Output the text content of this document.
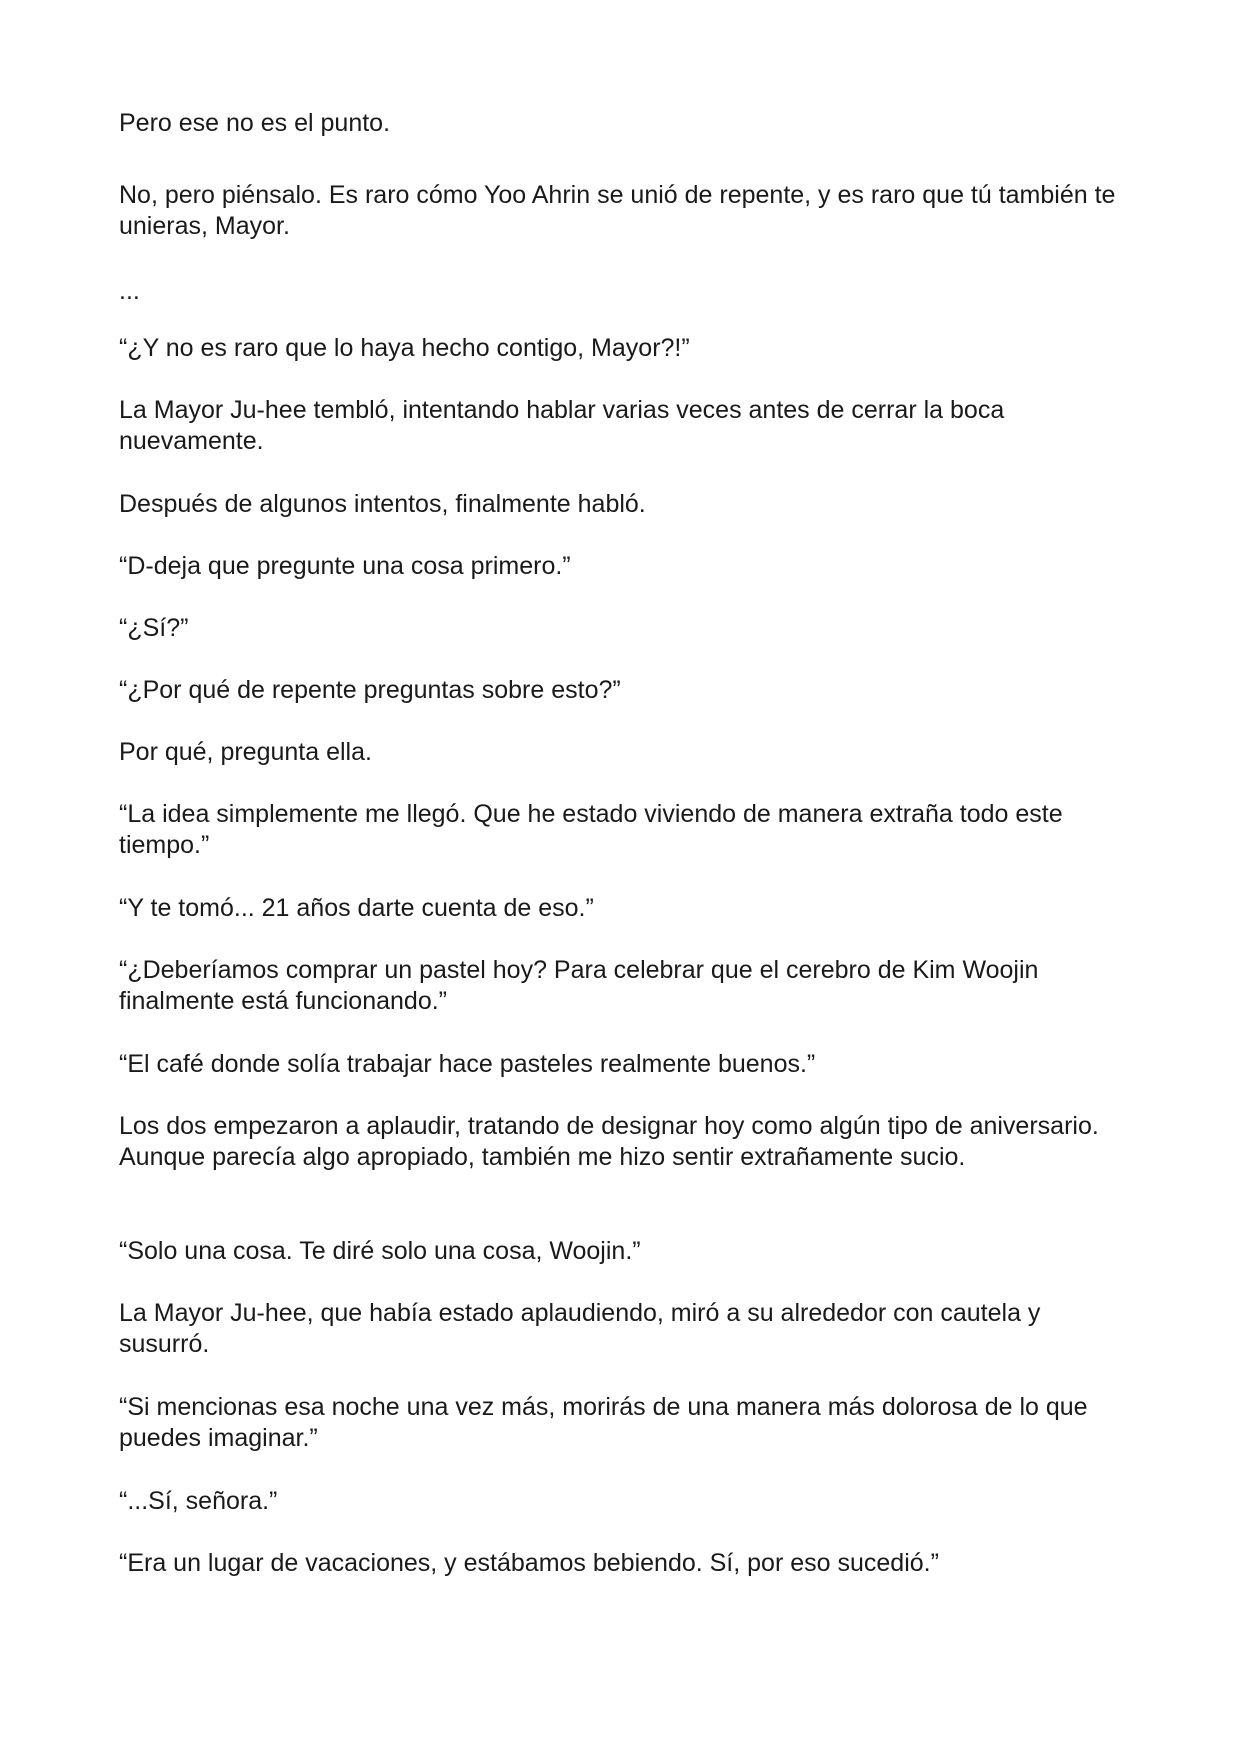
Pero ese no es el punto.

No, pero piénsalo. Es raro cómo Yoo Ahrin se unió de repente, y es raro que tú también te unieras, Mayor.

...

“¿Y no es raro que lo haya hecho contigo, Mayor?!”

La Mayor Ju-hee tembló, intentando hablar varias veces antes de cerrar la boca nuevamente.

Después de algunos intentos, finalmente habló.

“D-deja que pregunte una cosa primero.”

“¿Sí?”

“¿Por qué de repente preguntas sobre esto?”

Por qué, pregunta ella.

“La idea simplemente me llegó. Que he estado viviendo de manera extraña todo este tiempo.”

“Y te tomó... 21 años darte cuenta de eso.”

“¿Deberíamos comprar un pastel hoy? Para celebrar que el cerebro de Kim Woojin finalmente está funcionando.”

“El café donde solía trabajar hace pasteles realmente buenos.”

Los dos empezaron a aplaudir, tratando de designar hoy como algún tipo de aniversario. Aunque parecía algo apropiado, también me hizo sentir extrañamente sucio.

“Solo una cosa. Te diré solo una cosa, Woojin.”

La Mayor Ju-hee, que había estado aplaudiendo, miró a su alrededor con cautela y susurró.

“Si mencionas esa noche una vez más, morirás de una manera más dolorosa de lo que puedes imaginar.”

“...Sí, señora.”

“Era un lugar de vacaciones, y estábamos bebiendo. Sí, por eso sucedió.”
